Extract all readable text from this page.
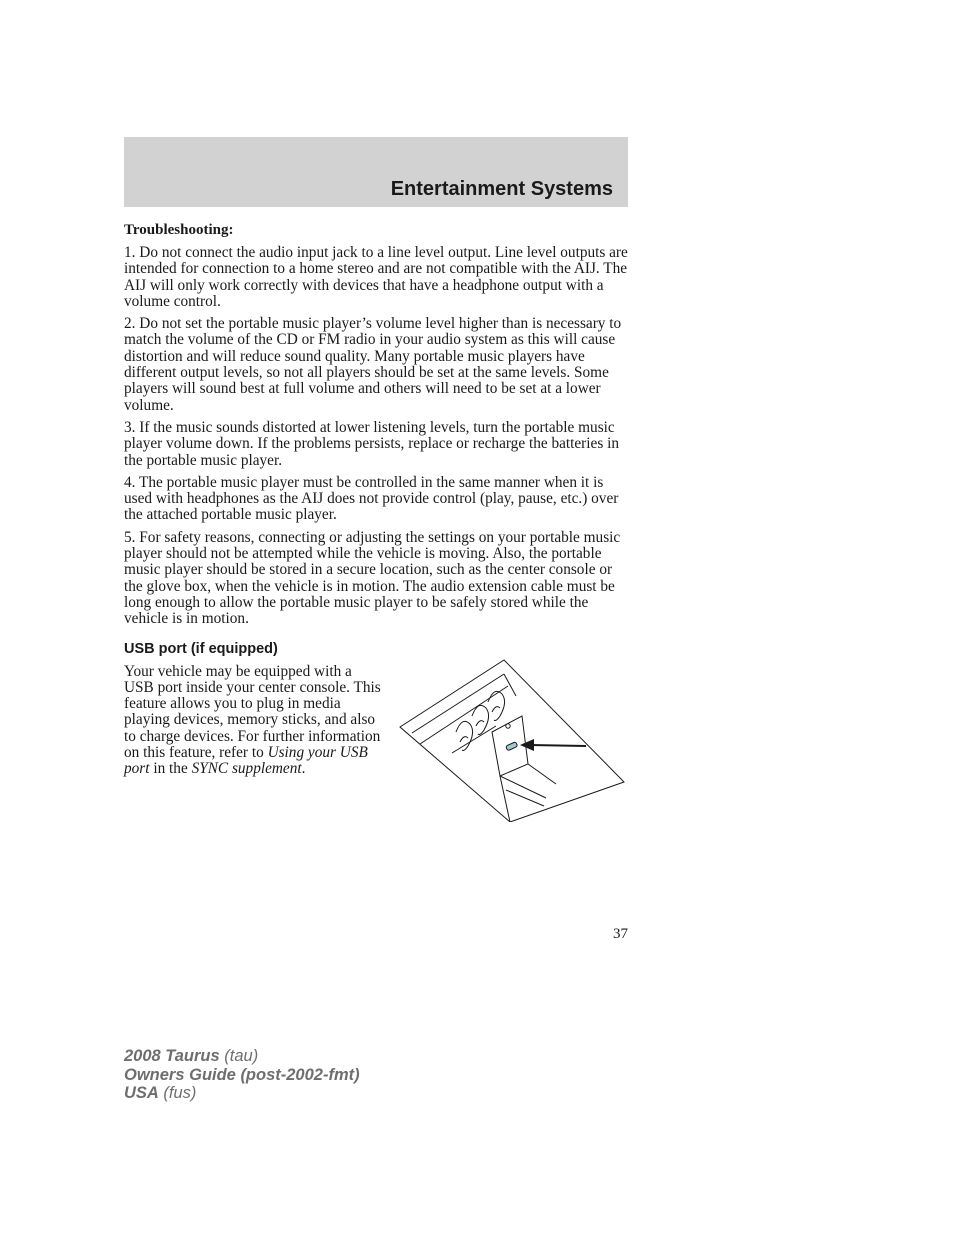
Entertainment Systems
Troubleshooting:

1. Do not connect the audio input jack to a line level output. Line level outputs are intended for connection to a home stereo and are not compatible with the AIJ. The AIJ will only work correctly with devices that have a headphone output with a volume control.

2. Do not set the portable music player’s volume level higher than is necessary to match the volume of the CD or FM radio in your audio system as this will cause distortion and will reduce sound quality. Many portable music players have different output levels, so not all players should be set at the same levels. Some players will sound best at full volume and others will need to be set at a lower volume.

3. If the music sounds distorted at lower listening levels, turn the portable music player volume down. If the problems persists, replace or recharge the batteries in the portable music player.

4. The portable music player must be controlled in the same manner when it is used with headphones as the AIJ does not provide control (play, pause, etc.) over the attached portable music player.

5. For safety reasons, connecting or adjusting the settings on your portable music player should not be attempted while the vehicle is moving. Also, the portable music player should be stored in a secure location, such as the center console or the glove box, when the vehicle is in motion. The audio extension cable must be long enough to allow the portable music player to be safely stored while the vehicle is in motion.

USB port (if equipped)

Your vehicle may be equipped with a USB port inside your center console. This feature allows you to plug in media playing devices, memory sticks, and also to charge devices. For further information on this feature, refer to Using your USB port in the SYNC supplement.

37
2008 Taurus (tau)
Owners Guide (post-2002-fmt)
USA (fus)
